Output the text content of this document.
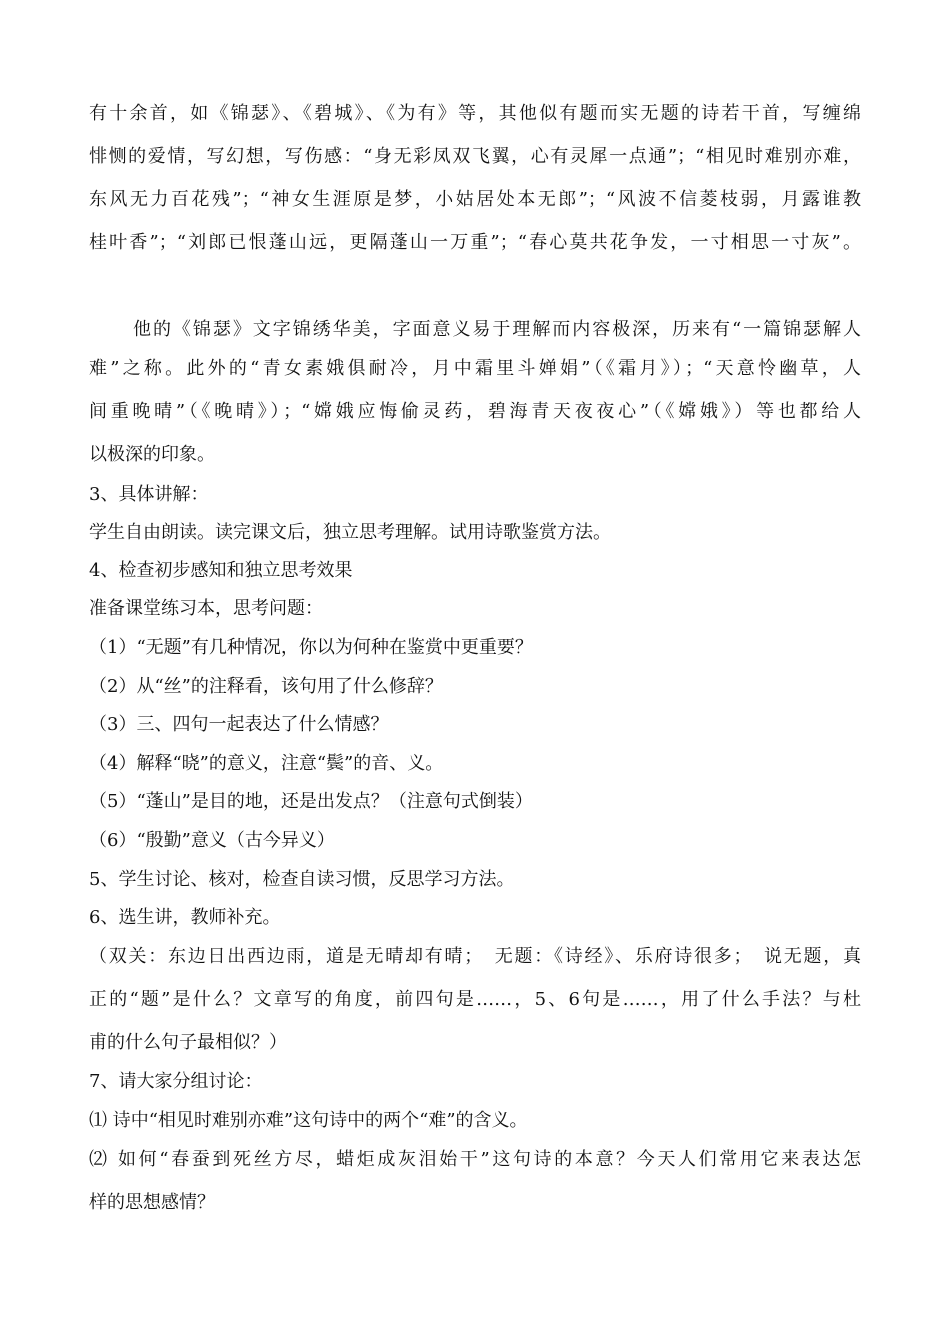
有十余首，如《锦瑟》、《碧城》、《为有》等，其他似有题而实无题的诗若干首，写缠绵
悱恻的爱情，写幻想，写伤感：“身无彩凤双飞翼，心有灵犀一点通”；“相见时难别亦难，
东风无力百花残”；“神女生涯原是梦，小姑居处本无郎”；“风波不信菱枝弱，月露谁教
桂叶香”；“刘郎已恨蓬山远，更隔蓬山一万重”；“春心莫共花争发，一寸相思一寸灰”。
他的《锦瑟》文字锦绣华美，字面意义易于理解而内容极深，历来有“一篇锦瑟解人
难”之称。此外的“青女素娥俱耐冷，月中霜里斗婵娟”（《霜月》）；“天意怜幽草，人
间重晚晴”（《晚晴》）；“嫦娥应悔偷灵药，碧海青天夜夜心”（《嫦娥》）等也都给人
以极深的印象。
3、具体讲解：
学生自由朗读。读完课文后，独立思考理解。试用诗歌鉴赏方法。
4、检查初步感知和独立思考效果
准备课堂练习本，思考问题：
（1）“无题”有几种情况，你以为何种在鉴赏中更重要？
（2）从“丝”的注释看，该句用了什么修辞？
（3）三、四句一起表达了什么情感？
（4）解释“晓”的意义，注意“鬓”的音、义。
（5）“蓬山”是目的地，还是出发点？（注意句式倒装）
（6）“殷勤”意义（古今异义）
5、学生讨论、核对，检查自读习惯，反思学习方法。
6、选生讲，教师补充。
（双关：东边日出西边雨，道是无晴却有晴；　无题：《诗经》、乐府诗很多；　说无题，真
正的“题”是什么？文章写的角度，前四句是……，5、6句是……，用了什么手法？与杜
甫的什么句子最相似？）
7、请大家分组讨论：
⑴ 诗中“相见时难别亦难”这句诗中的两个“难”的含义。
⑵ 如何“春蚕到死丝方尽，蜡炬成灰泪始干”这句诗的本意？今天人们常用它来表达怎
样的思想感情？
